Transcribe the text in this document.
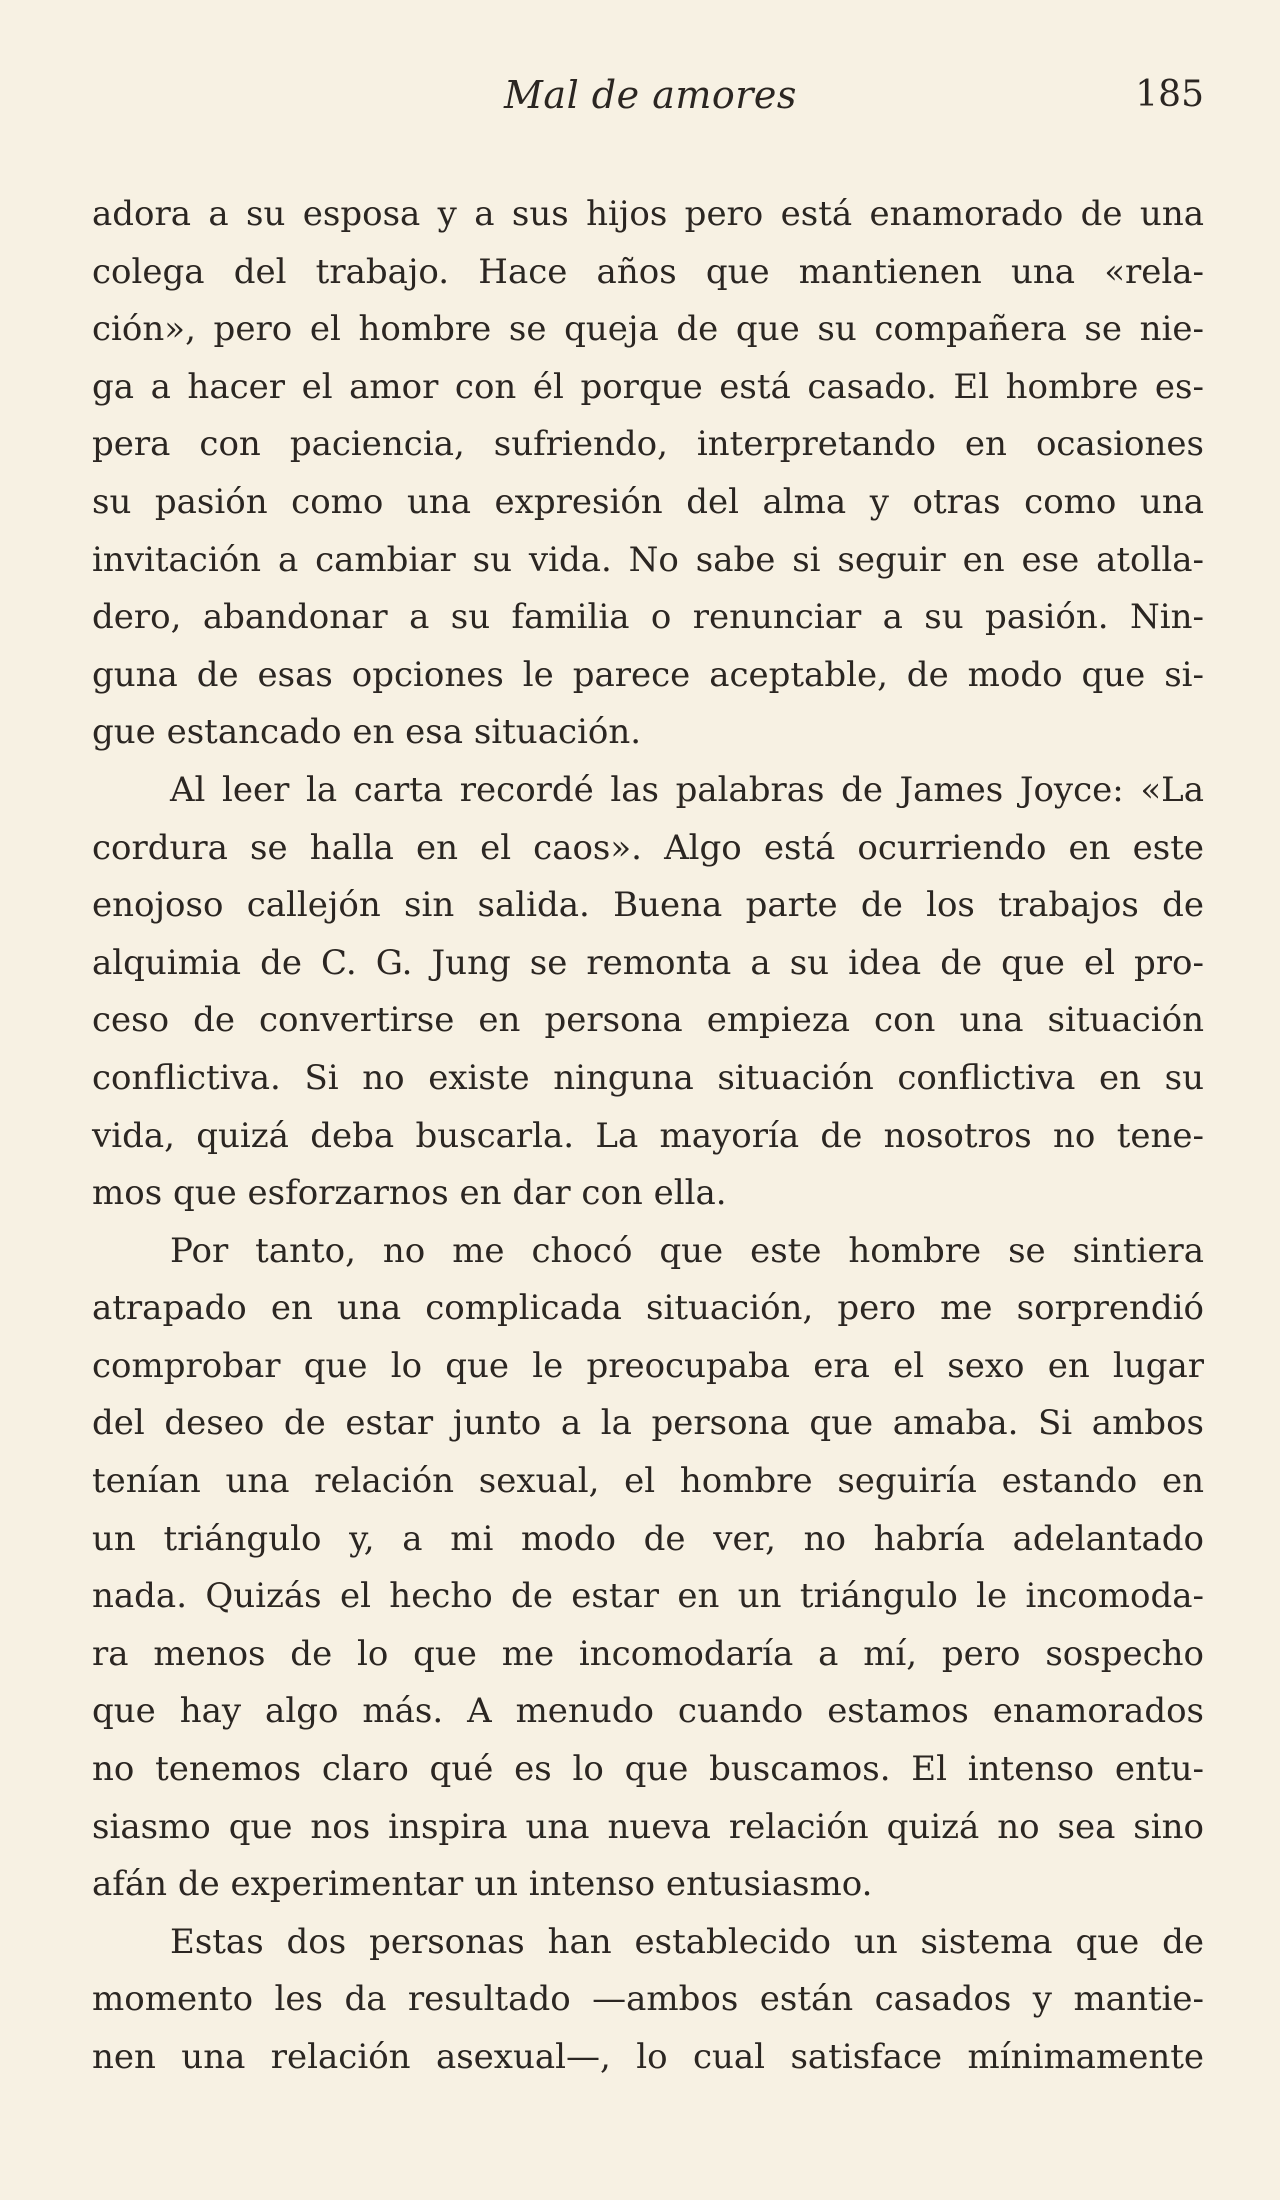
Mal de amores	185
adora a su esposa y a sus hijos pero está enamorado de una
colega del trabajo. Hace años que mantienen una «rela-
ción», pero el hombre se queja de que su compañera se nie-
ga a hacer el amor con él porque está casado. El hombre es-
pera con paciencia, sufriendo, interpretando en ocasiones
su pasión como una expresión del alma y otras como una
invitación a cambiar su vida. No sabe si seguir en ese atolla-
dero, abandonar a su familia o renunciar a su pasión. Nin-
guna de esas opciones le parece aceptable, de modo que si-
gue estancado en esa situación.
Al leer la carta recordé las palabras de James Joyce: «La
cordura se halla en el caos». Algo está ocurriendo en este
enojoso callejón sin salida. Buena parte de los trabajos de
alquimia de C. G. Jung se remonta a su idea de que el pro-
ceso de convertirse en persona empieza con una situación
conflictiva. Si no existe ninguna situación conflictiva en su
vida, quizá deba buscarla. La mayoría de nosotros no tene-
mos que esforzarnos en dar con ella.
Por tanto, no me chocó que este hombre se sintiera
atrapado en una complicada situación, pero me sorprendió
comprobar que lo que le preocupaba era el sexo en lugar
del deseo de estar junto a la persona que amaba. Si ambos
tenían una relación sexual, el hombre seguiría estando en
un triángulo y, a mi modo de ver, no habría adelantado
nada. Quizás el hecho de estar en un triángulo le incomoda-
ra menos de lo que me incomodaría a mí, pero sospecho
que hay algo más. A menudo cuando estamos enamorados
no tenemos claro qué es lo que buscamos. El intenso entu-
siasmo que nos inspira una nueva relación quizá no sea sino
afán de experimentar un intenso entusiasmo.
Estas dos personas han establecido un sistema que de
momento les da resultado —ambos están casados y mantie-
nen una relación asexual—, lo cual satisface mínimamente
